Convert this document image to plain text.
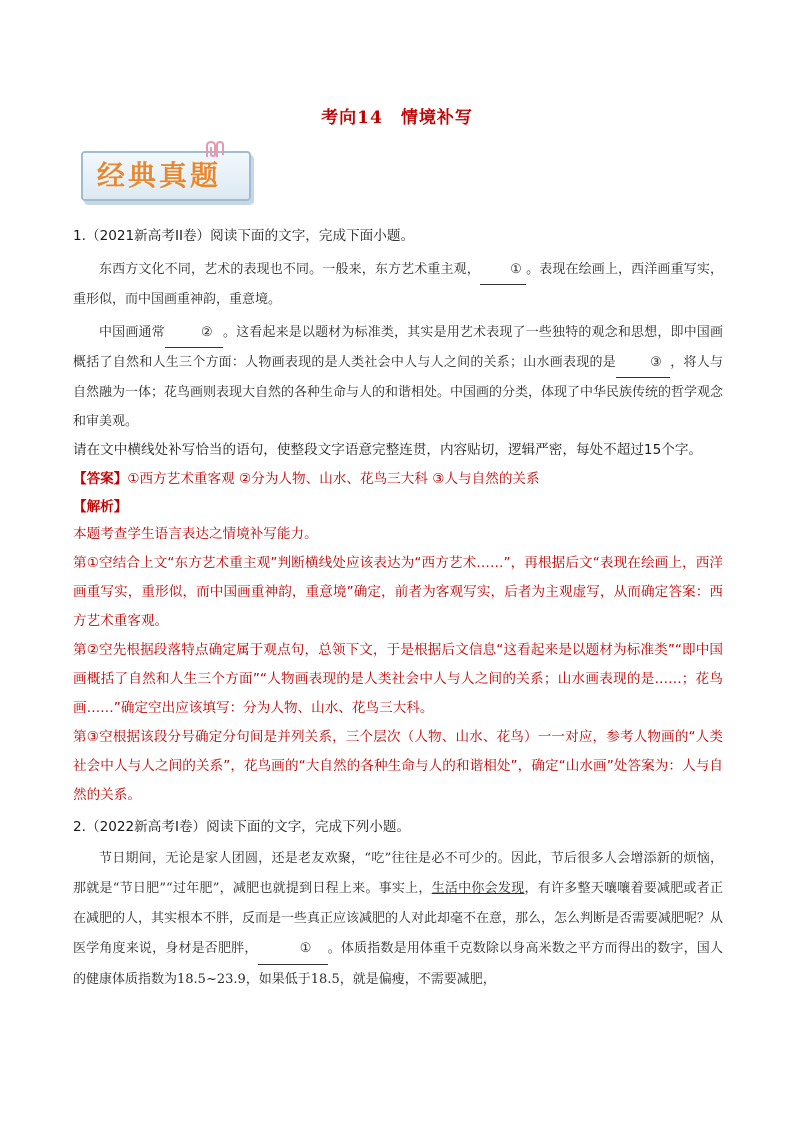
考向14　情境补写
经典真题

1.（2021新高考II卷）阅读下面的文字，完成下面小题。

东西方文化不同，艺术的表现也不同。一般来，东方艺术重主观， ① 。表现在绘画上，西洋画重写实，重形似，而中国画重神韵，重意境。

中国画通常	② 。这看起来是以题材为标准类，其实是用艺术表现了一些独特的观念和思想，即中国画概括了自然和人生三个方面：人物画表现的是人类社会中人与人之间的关系；山水画表现的是	③ ，将人与自然融为一体；花鸟画则表现大自然的各种生命与人的和谐相处。中国画的分类，体现了中华民族传统的哲学观念和审美观。

请在文中横线处补写恰当的语句，使整段文字语意完整连贯，内容贴切，逻辑严密，每处不超过15个字。

【答案】①西方艺术重客观 ②分为人物、山水、花鸟三大科 ③人与自然的关系

【解析】

本题考查学生语言表达之情境补写能力。

第①空结合上文“东方艺术重主观”判断横线处应该表达为“西方艺术……”，再根据后文“表现在绘画上，西洋画重写实，重形似，而中国画重神韵，重意境”确定，前者为客观写实，后者为主观虚写，从而确定答案：西方艺术重客观。

第②空先根据段落特点确定属于观点句，总领下文，于是根据后文信息“这看起来是以题材为标准类”“即中国画概括了自然和人生三个方面”“人物画表现的是人类社会中人与人之间的关系；山水画表现的是……；花鸟画……”确定空出应该填写：分为人物、山水、花鸟三大科。

第③空根据该段分号确定分句间是并列关系，三个层次（人物、山水、花鸟）一一对应，参考人物画的“人类社会中人与人之间的关系”，花鸟画的“大自然的各种生命与人的和谐相处”，确定“山水画”处答案为：人与自然的关系。

2.（2022新高考I卷）阅读下面的文字，完成下列小题。

节日期间，无论是家人团圆，还是老友欢聚，“吃”往往是必不可少的。因此，节后很多人会增添新的烦恼，那就是“节日肥”“过年肥”，减肥也就提到日程上来。事实上，生活中你会发现，有许多整天嚷嚷着要减肥或者正在减肥的人，其实根本不胖，反而是一些真正应该减肥的人对此却毫不在意，那么，怎么判断是否需要减肥呢？从医学角度来说，身材是否肥胖，	① 。体质指数是用体重千克数除以身高米数之平方而得出的数字，国人的健康体质指数为18.5~23.9，如果低于18.5，就是偏瘦，不需要减肥，
